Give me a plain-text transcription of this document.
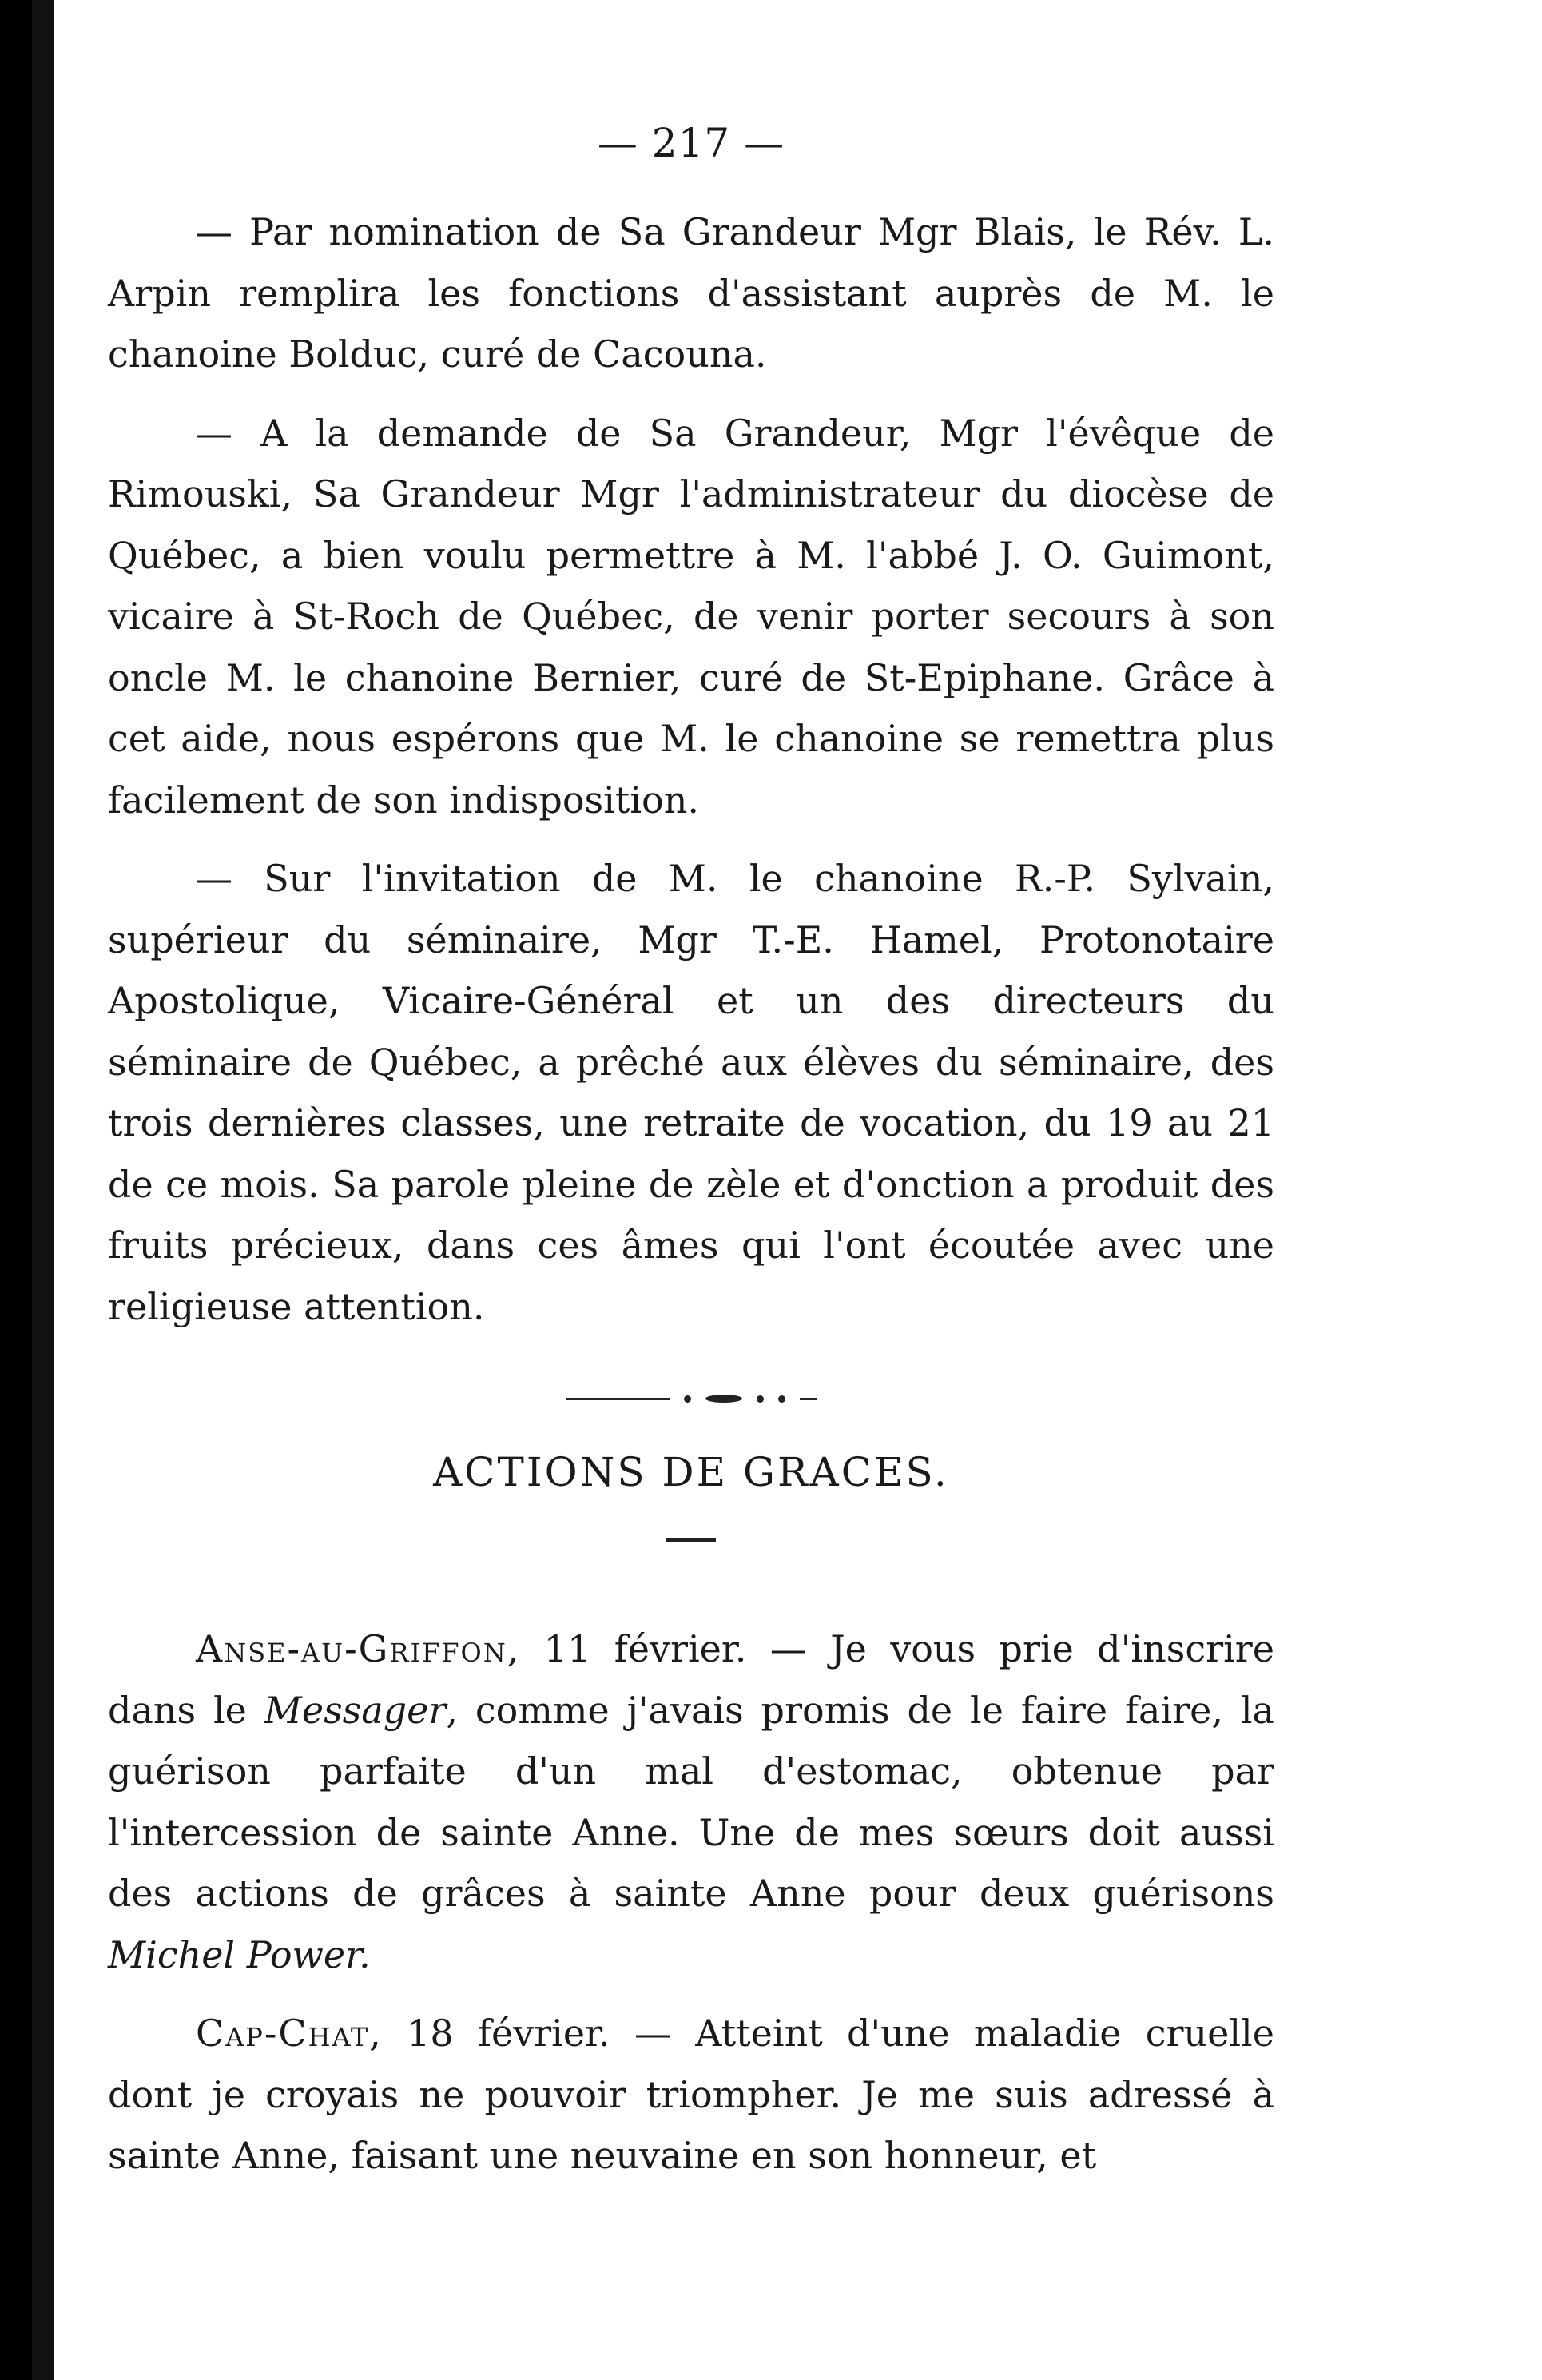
— 217 —

— Par nomination de Sa Grandeur Mgr Blais, le Rév. L. Arpin remplira les fonctions d'assistant auprès de M. le chanoine Bolduc, curé de Cacouna.

— A la demande de Sa Grandeur, Mgr l'évêque de Rimouski, Sa Grandeur Mgr l'administrateur du diocèse de Québec, a bien voulu permettre à M. l'abbé J. O. Guimont, vicaire à St-Roch de Québec, de venir porter secours à son oncle M. le chanoine Bernier, curé de St-Epiphane. Grâce à cet aide, nous espérons que M. le chanoine se remettra plus facilement de son indisposition.

— Sur l'invitation de M. le chanoine R.-P. Sylvain, supérieur du séminaire, Mgr T.-E. Hamel, Protonotaire Apostolique, Vicaire-Général et un des directeurs du séminaire de Québec, a prêché aux élèves du séminaire, des trois dernières classes, une retraite de vocation, du 19 au 21 de ce mois. Sa parole pleine de zèle et d'onction a produit des fruits précieux, dans ces âmes qui l'ont écoutée avec une religieuse attention.

ACTIONS DE GRACES.

Anse-au-Griffon, 11 février. — Je vous prie d'inscrire dans le Messager, comme j'avais promis de le faire faire, la guérison parfaite d'un mal d'estomac, obtenue par l'intercession de sainte Anne. Une de mes sœurs doit aussi des actions de grâces à sainte Anne pour deux guérisons Michel Power.

Cap-Chat, 18 février. — Atteint d'une maladie cruelle dont je croyais ne pouvoir triompher. Je me suis adressé à sainte Anne, faisant une neuvaine en son honneur, et
